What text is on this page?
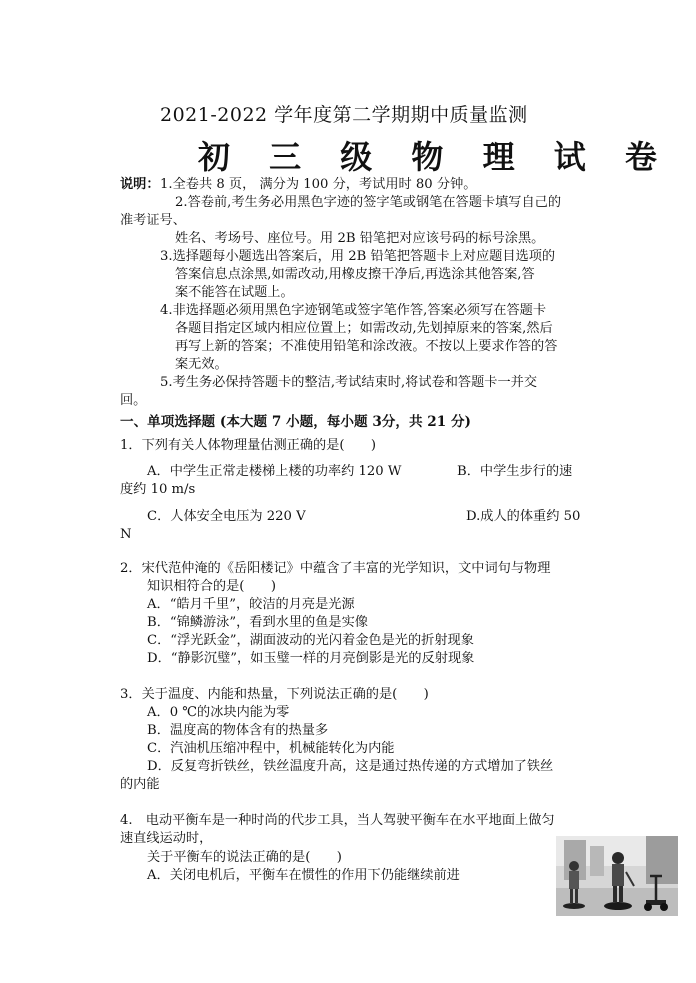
2021-2022 学年度第二学期期中质量监测
初 三 级 物 理 试 卷
说明： 1.全卷共 8 页， 满分为 100 分，考试用时 80 分钟。
2.答卷前,考生务必用黑色字迹的签字笔或钢笔在答题卡填写自己的
准考证号、
姓名、考场号、座位号。用 2B 铅笔把对应该号码的标号涂黑。
3.选择题每小题选出答案后，用 2B 铅笔把答题卡上对应题目选项的
答案信息点涂黑,如需改动,用橡皮擦干净后,再选涂其他答案,答
案不能答在试题上。
4.非选择题必须用黑色字迹钢笔或签字笔作答,答案必须写在答题卡
各题目指定区域内相应位置上；如需改动,先划掉原来的答案,然后
再写上新的答案；不准使用铅笔和涂改液。不按以上要求作答的答
案无效。
5.考生务必保持答题卡的整洁,考试结束时,将试卷和答题卡一并交
回。
一、单项选择题 (本大题 7 小题，每小题 3分，共 21 分)
1．下列有关人体物理量估测正确的是(　　)
A．中学生正常走楼梯上楼的功率约 120 W	B．中学生步行的速
度约 10 m/s
C．人体安全电压为 220 V	D.成人的体重约 50
N
2．宋代范仲淹的《岳阳楼记》中蕴含了丰富的光学知识，文中词句与物理
知识相符合的是(　　)
A．“皓月千里”，皎洁的月亮是光源
B．“锦鳞游泳”，看到水里的鱼是实像
C．“浮光跃金”，湖面波动的光闪着金色是光的折射现象
D．“静影沉璧”，如玉璧一样的月亮倒影是光的反射现象
3．关于温度、内能和热量，下列说法正确的是(　　)
A．0 ℃的冰块内能为零
B．温度高的物体含有的热量多
C．汽油机压缩冲程中，机械能转化为内能
D．反复弯折铁丝，铁丝温度升高，这是通过热传递的方式增加了铁丝
的内能
4.　电动平衡车是一种时尚的代步工具，当人驾驶平衡车在水平地面上做匀
速直线运动时，
关于平衡车的说法正确的是(　　)
A．关闭电机后，平衡车在惯性的作用下仍能继续前进
